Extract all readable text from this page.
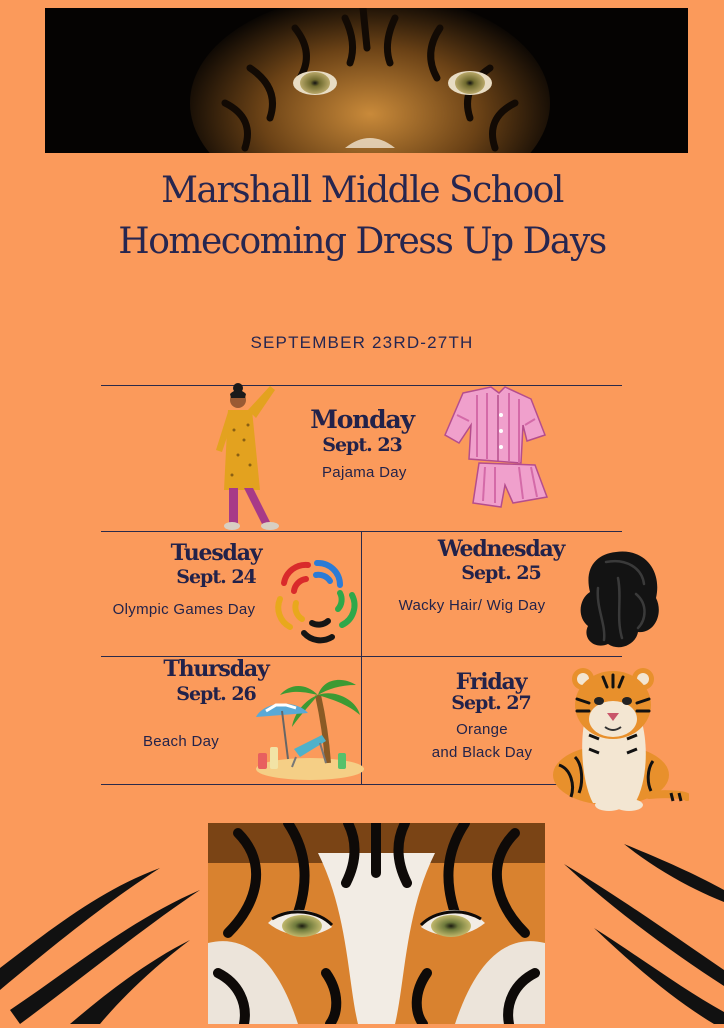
Marshall Middle School
Homecoming Dress Up Days
SEPTEMBER 23RD-27TH
Monday
Sept. 23
Pajama Day
Tuesday
Sept. 24
Olympic Games Day
Wednesday
Sept. 25
Wacky Hair/ Wig Day
Thursday
Sept. 26
Beach Day
Friday
Sept. 27
Orange
and Black Day
